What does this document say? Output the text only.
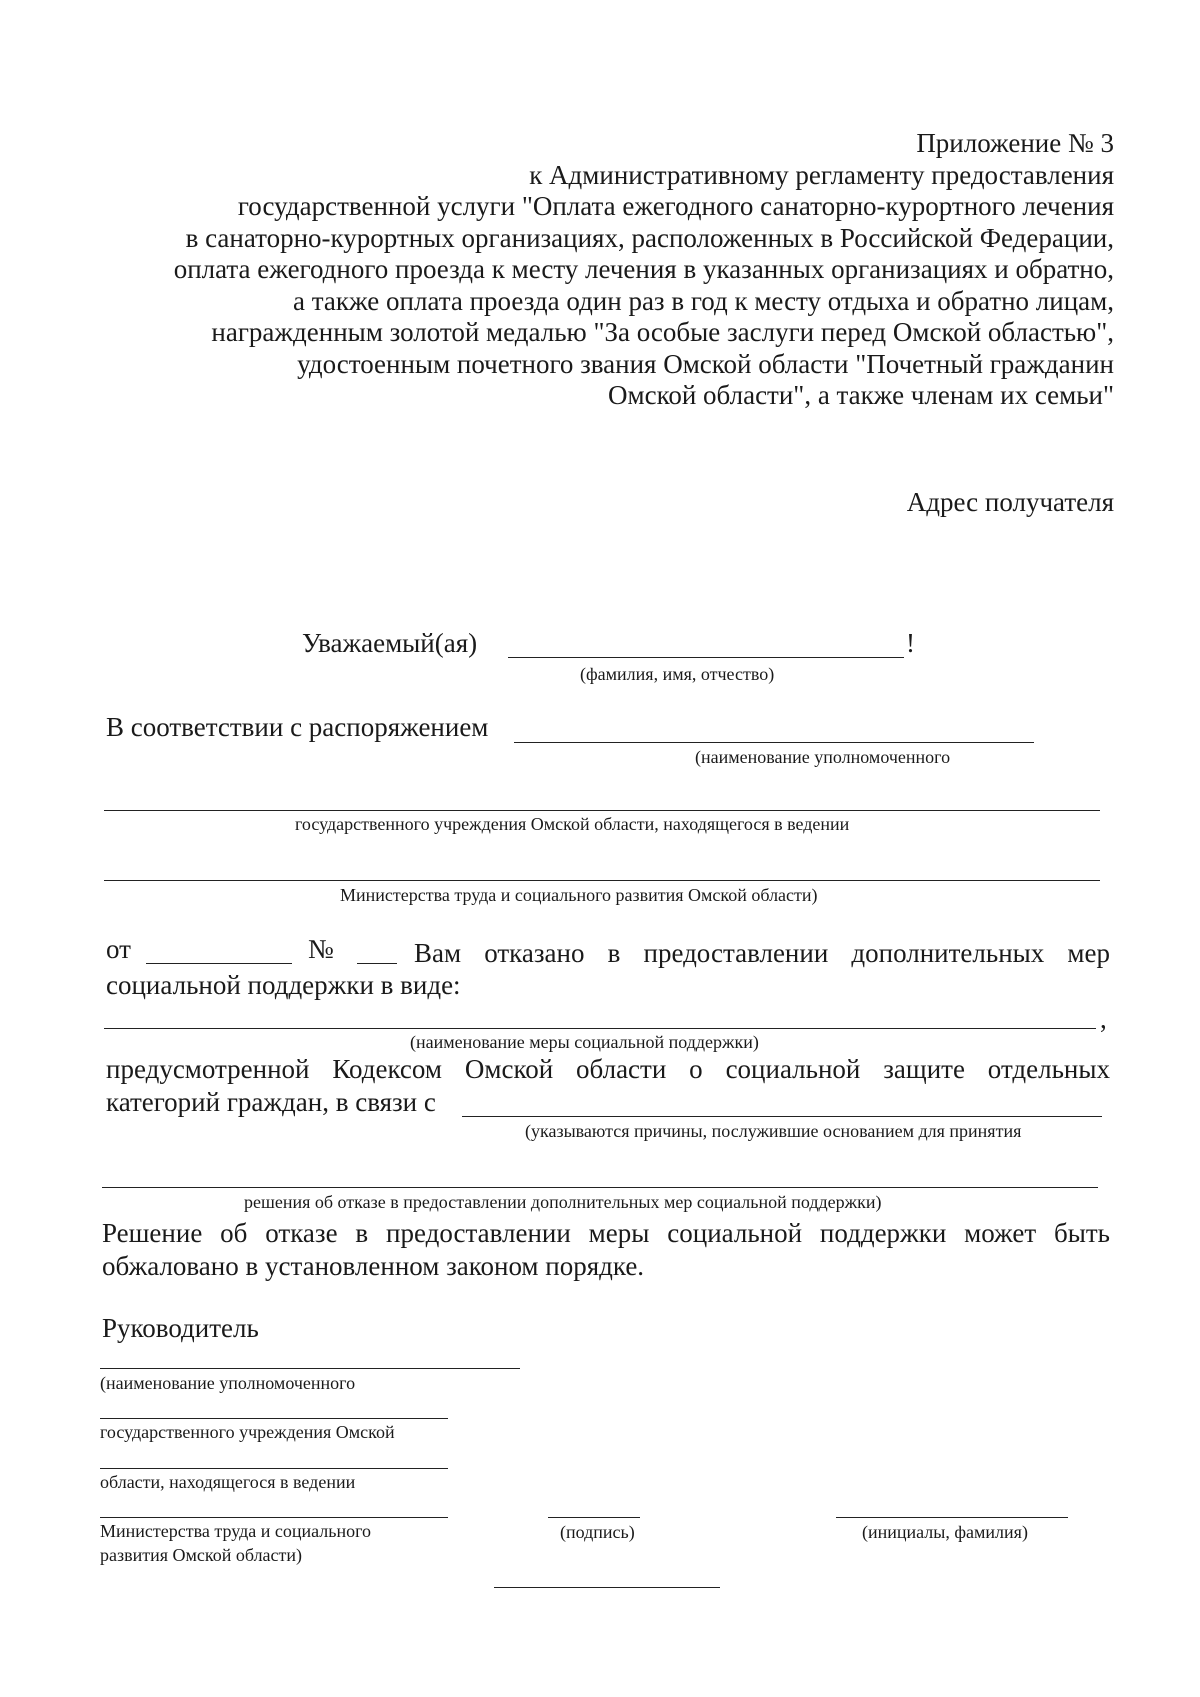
Приложение № 3
к Административному регламенту предоставления
государственной услуги "Оплата ежегодного санаторно-курортного лечения
в санаторно-курортных организациях, расположенных в Российской Федерации,
оплата ежегодного проезда к месту лечения в указанных организациях и обратно,
а также оплата проезда один раз в год к месту отдыха и обратно лицам,
награжденным золотой медалью "За особые заслуги перед Омской областью",
удостоенным почетного звания Омской области "Почетный гражданин
Омской области", а также членам их семьи"
Адрес получателя
Уважаемый(ая)	!
(фамилия, имя, отчество)
В соответствии с распоряжением
(наименование уполномоченного
государственного учреждения Омской области, находящегося в ведении
Министерства труда и социального развития Омской области)
от	№	Вам отказано в предоставлении дополнительных мер
социальной поддержки в виде:
,
(наименование меры социальной поддержки)
предусмотренной Кодексом Омской области о социальной защите отдельных
категорий граждан, в связи с
(указываются причины, послужившие основанием для принятия
решения об отказе в предоставлении дополнительных мер социальной поддержки)
Решение об отказе в предоставлении меры социальной поддержки может быть
обжаловано в установленном законом порядке.
Руководитель
(наименование уполномоченного
государственного учреждения Омской
области, находящегося в ведении
Министерства труда и социального
развития Омской области)
(подпись)	(инициалы, фамилия)
